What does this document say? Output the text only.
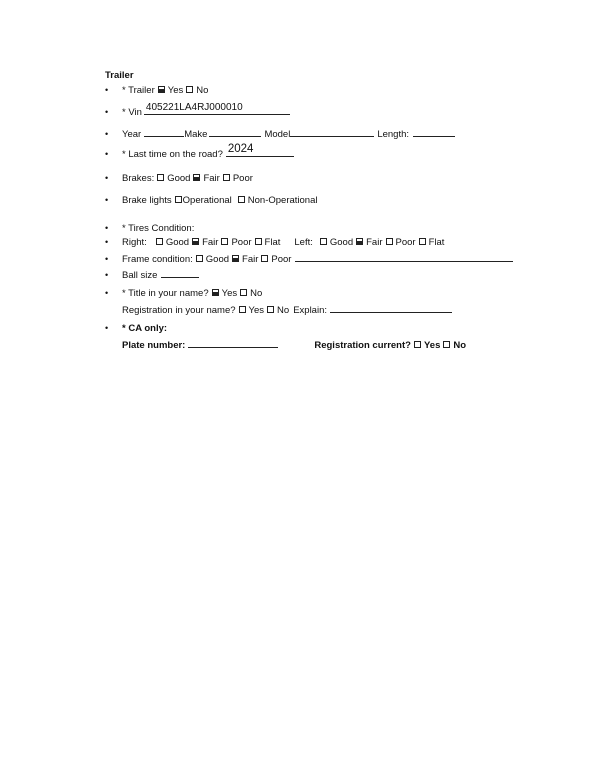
Trailer
•	* Trailer Yes No
•	* Vin 405221LA4RJ000010
•	Year	Make	Model	Length:
•	* Last time on the road? 2024
•	Brakes: Good Fair Poor
•	Brake lights Operational Non-Operational
•	* Tires Condition:
•	Right: Good Fair Poor Flat Left: Good Fair Poor Flat
•	Frame condition: Good Fair Poor
•	Ball size
•	* Title in your name? Yes No
Registration in your name? Yes No Explain:
•	* CA only:
Plate number:	Registration current? Yes No
